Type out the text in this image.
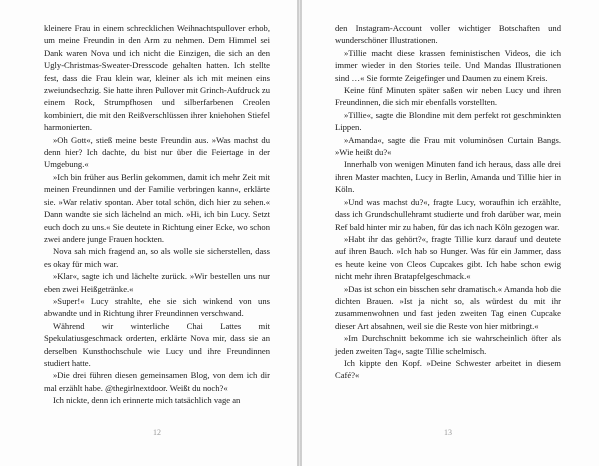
kleinere Frau in einem schrecklichen Weihnachtspullover erhob, um meine Freundin in den Arm zu nehmen. Dem Himmel sei Dank waren Nova und ich nicht die Einzigen, die sich an den Ugly-Christmas-Sweater-Dresscode gehalten hatten. Ich stellte fest, dass die Frau klein war, kleiner als ich mit meinen eins zweiundsechzig. Sie hatte ihren Pullover mit Grinch-Aufdruck zu einem Rock, Strumpfhosen und silberfarbenen Creolen kombiniert, die mit den Reißverschlüssen ihrer kniehohen Stiefel harmonierten.

»Oh Gott«, stieß meine beste Freundin aus. »Was machst du denn hier? Ich dachte, du bist nur über die Feiertage in der Umgebung.«

»Ich bin früher aus Berlin gekommen, damit ich mehr Zeit mit meinen Freundinnen und der Familie verbringen kann«, erklärte sie. »War relativ spontan. Aber total schön, dich hier zu sehen.« Dann wandte sie sich lächelnd an mich. »Hi, ich bin Lucy. Setzt euch doch zu uns.« Sie deutete in Richtung einer Ecke, wo schon zwei andere junge Frauen hockten.

Nova sah mich fragend an, so als wolle sie sicherstellen, dass es okay für mich war.

»Klar«, sagte ich und lächelte zurück. »Wir bestellen uns nur eben zwei Heißgetränke.«

»Super!« Lucy strahlte, ehe sie sich winkend von uns abwandte und in Richtung ihrer Freundinnen verschwand.

Während wir winterliche Chai Lattes mit Spekulatiusgeschmack orderten, erklärte Nova mir, dass sie an derselben Kunsthochschule wie Lucy und ihre Freundinnen studiert hatte.

»Die drei führen diesen gemeinsamen Blog, von dem ich dir mal erzählt habe. @thegirlnextdoor. Weißt du noch?«

Ich nickte, denn ich erinnerte mich tatsächlich vage an

12

den Instagram-Account voller wichtiger Botschaften und wunderschöner Illustrationen.

»Tillie macht diese krassen feministischen Videos, die ich immer wieder in den Stories teile. Und Mandas Illustrationen sind …« Sie formte Zeigefinger und Daumen zu einem Kreis.

Keine fünf Minuten später saßen wir neben Lucy und ihren Freundinnen, die sich mir ebenfalls vorstellten.

»Tillie«, sagte die Blondine mit dem perfekt rot geschminkten Lippen.

»Amanda«, sagte die Frau mit voluminösen Curtain Bangs. »Wie heißt du?«

Innerhalb von wenigen Minuten fand ich heraus, dass alle drei ihren Master machten, Lucy in Berlin, Amanda und Tillie hier in Köln.

»Und was machst du?«, fragte Lucy, woraufhin ich erzählte, dass ich Grundschullehramt studierte und froh darüber war, mein Ref bald hinter mir zu haben, für das ich nach Köln gezogen war.

»Habt ihr das gehört?«, fragte Tillie kurz darauf und deutete auf ihren Bauch. »Ich hab so Hunger. Was für ein Jammer, dass es heute keine von Cleos Cupcakes gibt. Ich habe schon ewig nicht mehr ihren Bratapfelgeschmack.«

»Das ist schon ein bisschen sehr dramatisch.« Amanda hob die dichten Brauen. »Ist ja nicht so, als würdest du mit ihr zusammenwohnen und fast jeden zweiten Tag einen Cupcake dieser Art absahnen, weil sie die Reste von hier mitbringt.«

»Im Durchschnitt bekomme ich sie wahrscheinlich öfter als jeden zweiten Tag«, sagte Tillie schelmisch.

Ich kippte den Kopf. »Deine Schwester arbeitet in diesem Café?«

13
